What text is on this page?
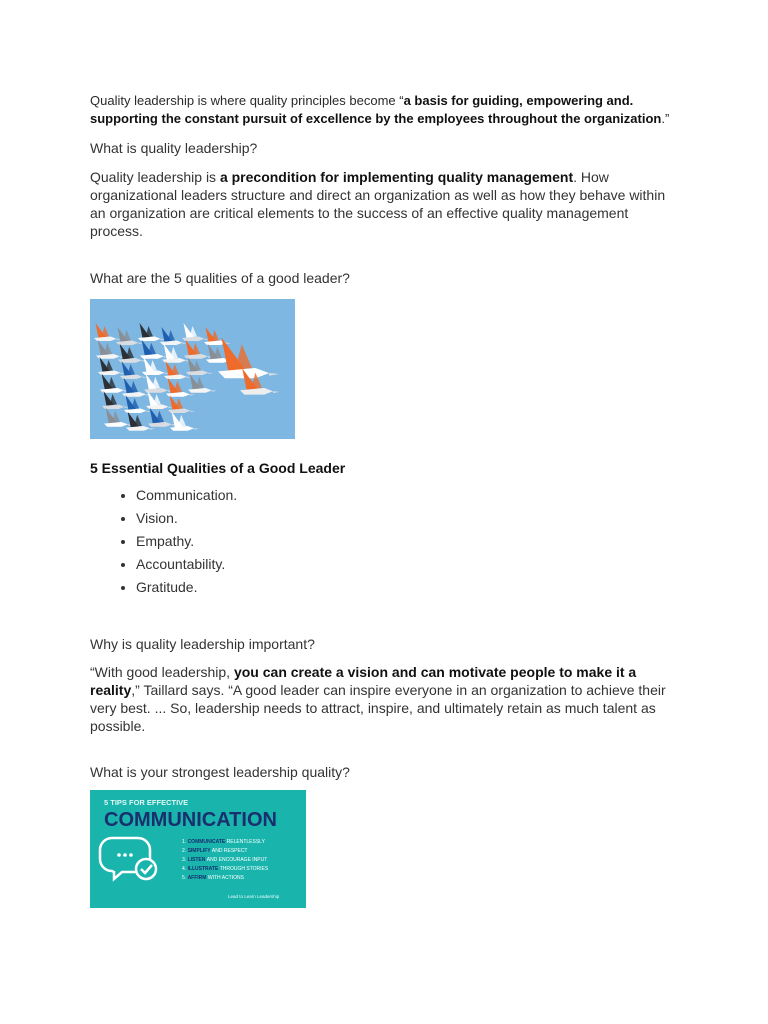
Quality leadership is where quality principles become “a basis for guiding, empowering and. supporting the constant pursuit of excellence by the employees throughout the organization.”

What is quality leadership?

Quality leadership is a precondition for implementing quality management. How organizational leaders structure and direct an organization as well as how they behave within an organization are critical elements to the success of an effective quality management process.

What are the 5 qualities of a good leader?

5 Essential Qualities of a Good Leader

• Communication.
• Vision.
• Empathy.
• Accountability.
• Gratitude.

Why is quality leadership important?

“With good leadership, you can create a vision and can motivate people to make it a reality,” Taillard says. “A good leader can inspire everyone in an organization to achieve their very best. ... So, leadership needs to attract, inspire, and ultimately retain as much talent as possible.

What is your strongest leadership quality?

5 TIPS FOR EFFECTIVE
COMMUNICATION
1. COMMUNICATE RELENTLESSLY
2. SIMPLIFY AND RESPECT
3. LISTEN AND ENCOURAGE INPUT
4. ILLUSTRATE THROUGH STORIES
5. AFFIRM WITH ACTIONS
Lead to Learn Leadership
